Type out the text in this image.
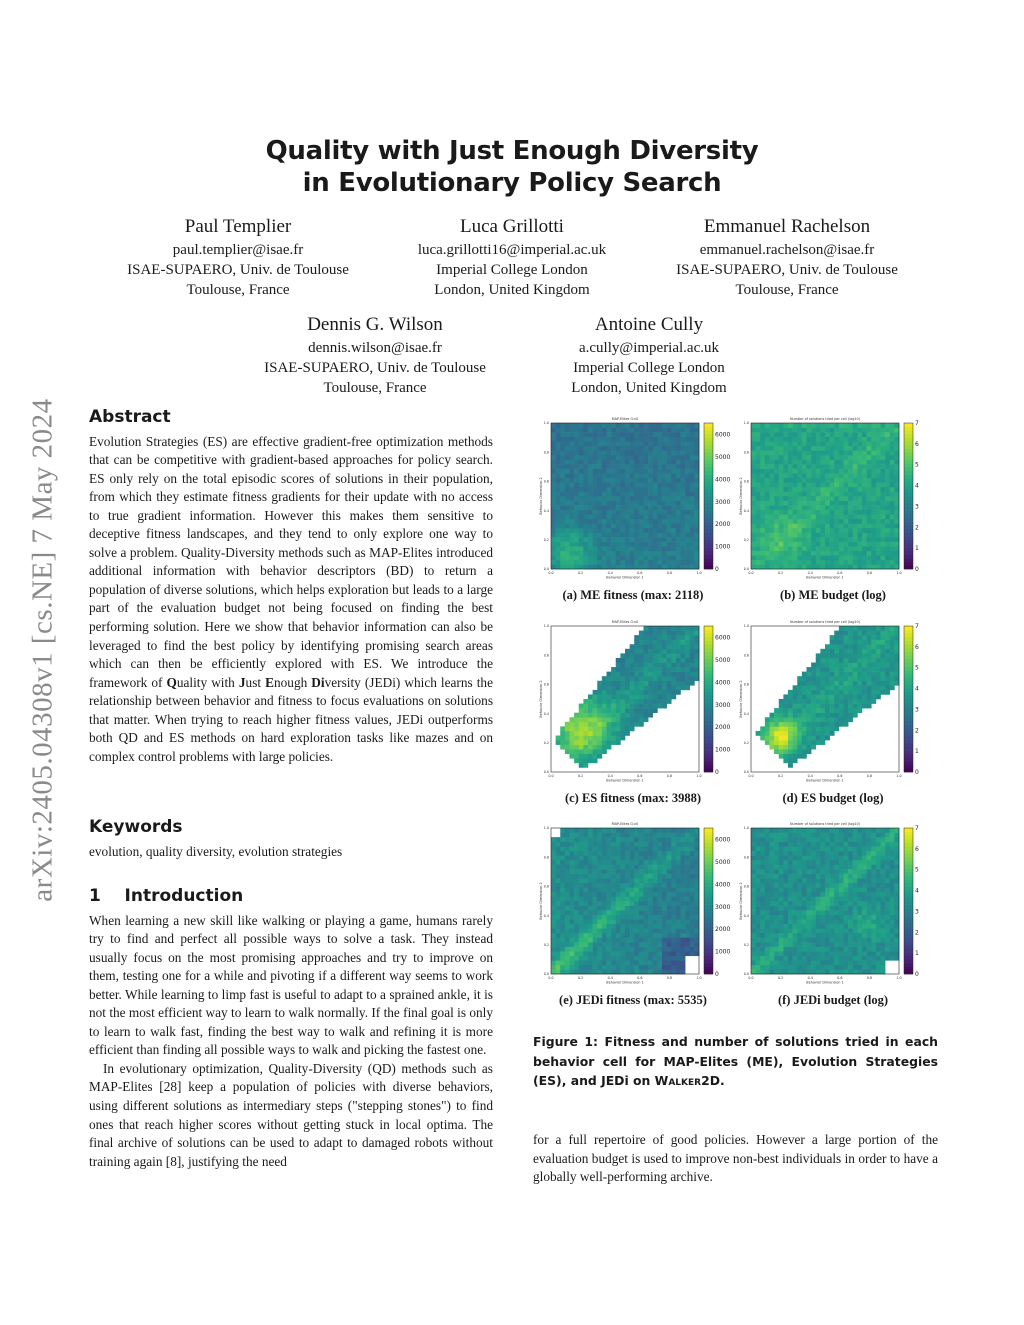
arXiv:2405.04308v1 [cs.NE] 7 May 2024
Quality with Just Enough Diversity
in Evolutionary Policy Search
Paul Templier
paul.templier@isae.fr
ISAE-SUPAERO, Univ. de Toulouse
Toulouse, France
Luca Grillotti
luca.grillotti16@imperial.ac.uk
Imperial College London
London, United Kingdom
Emmanuel Rachelson
emmanuel.rachelson@isae.fr
ISAE-SUPAERO, Univ. de Toulouse
Toulouse, France
Dennis G. Wilson
dennis.wilson@isae.fr
ISAE-SUPAERO, Univ. de Toulouse
Toulouse, France
Antoine Cully
a.cully@imperial.ac.uk
Imperial College London
London, United Kingdom
Abstract

Evolution Strategies (ES) are effective gradient-free optimization methods that can be competitive with gradient-based approaches for policy search. ES only rely on the total episodic scores of solutions in their population, from which they estimate fitness gradients for their update with no access to true gradient information. However this makes them sensitive to deceptive fitness landscapes, and they tend to only explore one way to solve a problem. Quality-Diversity methods such as MAP-Elites introduced additional information with behavior descriptors (BD) to return a population of diverse solutions, which helps exploration but leads to a large part of the evaluation budget not being focused on finding the best performing solution. Here we show that behavior information can also be leveraged to find the best policy by identifying promising search areas which can then be efficiently explored with ES. We introduce the framework of Quality with Just Enough Diversity (JEDi) which learns the relationship between behavior and fitness to focus evaluations on solutions that matter. When trying to reach higher fitness values, JEDi outperforms both QD and ES methods on hard exploration tasks like mazes and on complex control problems with large policies.

Keywords

evolution, quality diversity, evolution strategies

1 Introduction

When learning a new skill like walking or playing a game, humans rarely try to find and perfect all possible ways to solve a task. They instead usually focus on the most promising approaches and try to improve on them, testing one for a while and pivoting if a different way seems to work better. While learning to limp fast is useful to adapt to a sprained ankle, it is not the most efficient way to learn to walk normally. If the final goal is only to learn to walk fast, finding the best way to walk and refining it is more efficient than finding all possible ways to walk and picking the fastest one.

In evolutionary optimization, Quality-Diversity (QD) methods such as MAP-Elites [28] keep a population of policies with diverse behaviors, using different solutions as intermediary steps ("stepping stones") to find ones that reach higher scores without getting stuck in local optima. The final archive of solutions can be used to adapt to damaged robots without training again [8], justifying the need

MAP-Elites G:x0
0.0
0.0
0.2
0.2
0.4
0.4
0.6
0.6
0.8
0.8
1.0
1.0
Behavior Dimension 1
Behavior Dimension 2
6000
5000
4000
3000
2000
1000
0
Number of solutions tried per cell (log10)
0.0
0.0
0.2
0.2
0.4
0.4
0.6
0.6
0.8
0.8
1.0
1.0
Behavior Dimension 1
Behavior Dimension 2
7
6
5
4
3
2
1
0
(a) ME fitness (max: 2118)	(b) ME budget (log)
MAP-Elites G:x0
0.0
0.0
0.2
0.2
0.4
0.4
0.6
0.6
0.8
0.8
1.0
1.0
Behavior Dimension 1
Behavior Dimension 2
6000
5000
4000
3000
2000
1000
0
Number of solutions tried per cell (log10)
0.0
0.0
0.2
0.2
0.4
0.4
0.6
0.6
0.8
0.8
1.0
1.0
Behavior Dimension 1
Behavior Dimension 2
7
6
5
4
3
2
1
0
(c) ES fitness (max: 3988)	(d) ES budget (log)
MAP-Elites G:x0
0.0
0.0
0.2
0.2
0.4
0.4
0.6
0.6
0.8
0.8
1.0
1.0
Behavior Dimension 1
Behavior Dimension 2
6000
5000
4000
3000
2000
1000
0
Number of solutions tried per cell (log10)
0.0
0.0
0.2
0.2
0.4
0.4
0.6
0.6
0.8
0.8
1.0
1.0
Behavior Dimension 1
Behavior Dimension 2
7
6
5
4
3
2
1
0
(e) JEDi fitness (max: 5535)	(f) JEDi budget (log)
Figure 1: Fitness and number of solutions tried in each behavior cell for MAP-Elites (ME), Evolution Strategies (ES), and JEDi on Walker2D.

for a full repertoire of good policies. However a large portion of the evaluation budget is used to improve non-best individuals in order to have a globally well-performing archive.
